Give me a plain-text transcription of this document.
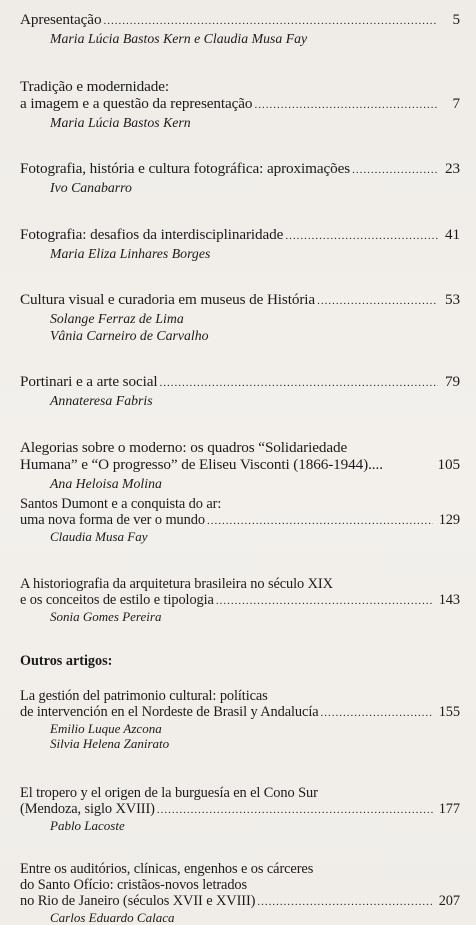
Apresentação .....	5
Maria Lúcia Bastos Kern e Claudia Musa Fay
Tradição e modernidade:
a imagem e a questão da representação .....	7
Maria Lúcia Bastos Kern
Fotografia, história e cultura fotográfica: aproximações .....	23
Ivo Canabarro
Fotografia: desafios da interdisciplinaridade .....	41
Maria Eliza Linhares Borges
Cultura visual e curadoria em museus de História .....	53
Solange Ferraz de Lima
Vânia Carneiro de Carvalho
Portinari e a arte social .....	79
Annateresa Fabris
Alegorias sobre o moderno: os quadros “Solidariedade
Humana” e “O progresso” de Eliseu Visconti (1866-1944)....	105
Ana Heloisa Molina
Santos Dumont e a conquista do ar:
uma nova forma de ver o mundo .....	129
Claudia Musa Fay
A historiografia da arquitetura brasileira no século XIX
e os conceitos de estilo e tipologia .....	143
Sonia Gomes Pereira
Outros artigos:
La gestión del patrimonio cultural: políticas
de intervención en el Nordeste de Brasil y Andalucía .....	155
Emilio Luque Azcona
Silvia Helena Zanirato
El tropero y el origen de la burguesía en el Cono Sur
(Mendoza, siglo XVIII) .....	177
Pablo Lacoste
Entre os auditórios, clínicas, engenhos e os cárceres
do Santo Ofício: cristãos-novos letrados
no Rio de Janeiro (séculos XVII e XVIII) .....	207
Carlos Eduardo Calaca
